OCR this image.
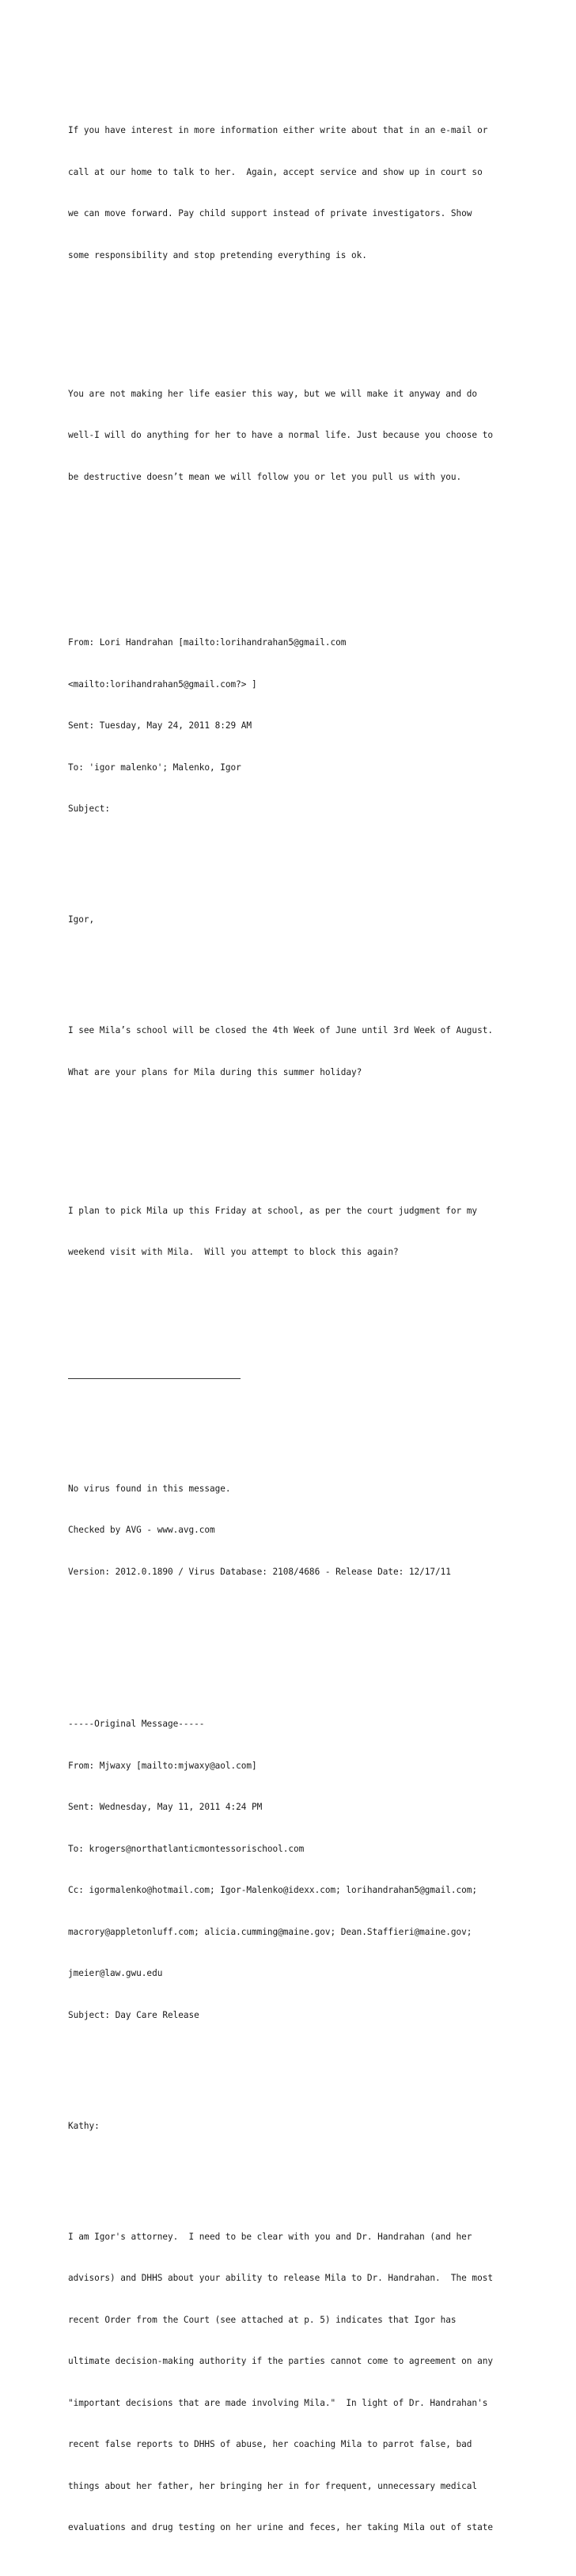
If you have interest in more information either write about that in an e-mail or

call at our home to talk to her.  Again, accept service and show up in court so

we can move forward. Pay child support instead of private investigators. Show

some responsibility and stop pretending everything is ok.

You are not making her life easier this way, but we will make it anyway and do

well-I will do anything for her to have a normal life. Just because you choose to

be destructive doesn’t mean we will follow you or let you pull us with you.

From: Lori Handrahan [mailto:lorihandrahan5@gmail.com

<mailto:lorihandrahan5@gmail.com?> ]

Sent: Tuesday, May 24, 2011 8:29 AM

To: 'igor malenko'; Malenko, Igor

Subject:

Igor,

I see Mila’s school will be closed the 4th Week of June until 3rd Week of August.

What are your plans for Mila during this summer holiday?

I plan to pick Mila up this Friday at school, as per the court judgment for my

weekend visit with Mila.  Will you attempt to block this again?

No virus found in this message.

Checked by AVG - www.avg.com

Version: 2012.0.1890 / Virus Database: 2108/4686 - Release Date: 12/17/11

-----Original Message-----

From: Mjwaxy [mailto:mjwaxy@aol.com]

Sent: Wednesday, May 11, 2011 4:24 PM

To: krogers@northatlanticmontessorischool.com

Cc: igormalenko@hotmail.com; Igor-Malenko@idexx.com; lorihandrahan5@gmail.com;

macrory@appletonluff.com; alicia.cumming@maine.gov; Dean.Staffieri@maine.gov;

jmeier@law.gwu.edu

Subject: Day Care Release

Kathy:

I am Igor's attorney.  I need to be clear with you and Dr. Handrahan (and her

advisors) and DHHS about your ability to release Mila to Dr. Handrahan.  The most

recent Order from the Court (see attached at p. 5) indicates that Igor has

ultimate decision-making authority if the parties cannot come to agreement on any

"important decisions that are made involving Mila."  In light of Dr. Handrahan's

recent false reports to DHHS of abuse, her coaching Mila to parrot false, bad

things about her father, her bringing her in for frequent, unnecessary medical

evaluations and drug testing on her urine and feces, her taking Mila out of state
